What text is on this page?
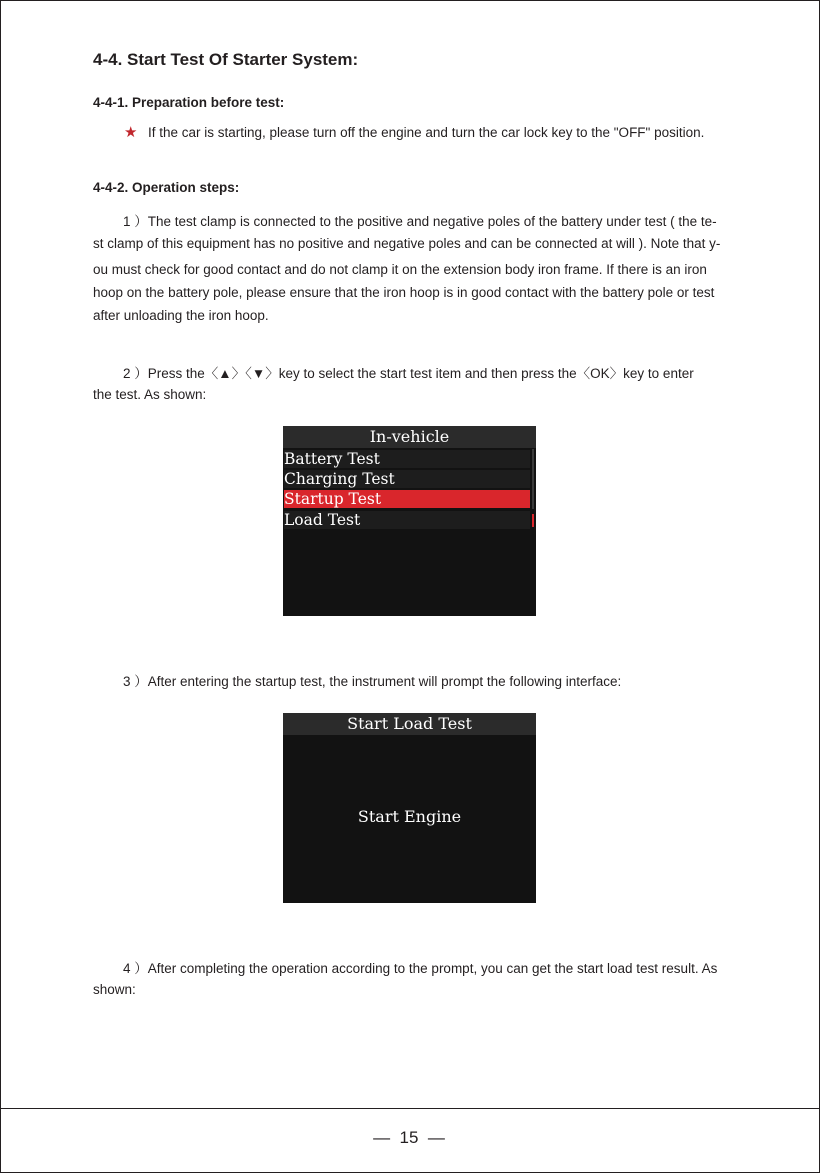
4-4. Start Test Of Starter System:
4-4-1. Preparation before test:
★ If the car is starting, please turn off the engine and turn the car lock key to the "OFF" position.
4-4-2. Operation steps:
1 ）The test clamp is connected to the positive and negative poles of the battery under test ( the te-
st clamp of this equipment has no positive and negative poles and can be connected at will ). Note that y-
ou must check for good contact and do not clamp it on the extension body iron frame. If there is an iron
hoop on the battery pole, please ensure that the iron hoop is in good contact with the battery pole or test
after unloading the iron hoop.
2 ）Press the〈▲〉〈▼〉key to select the start test item and then press the〈OK〉key to enter
the test. As shown:
In-vehicle
Battery Test
Charging Test
Startup Test
Load Test
3 ）After entering the startup test, the instrument will prompt the following interface:
Start Load Test
Start Engine
4 ）After completing the operation according to the prompt, you can get the start load test result. As
shown:
—  15  —
